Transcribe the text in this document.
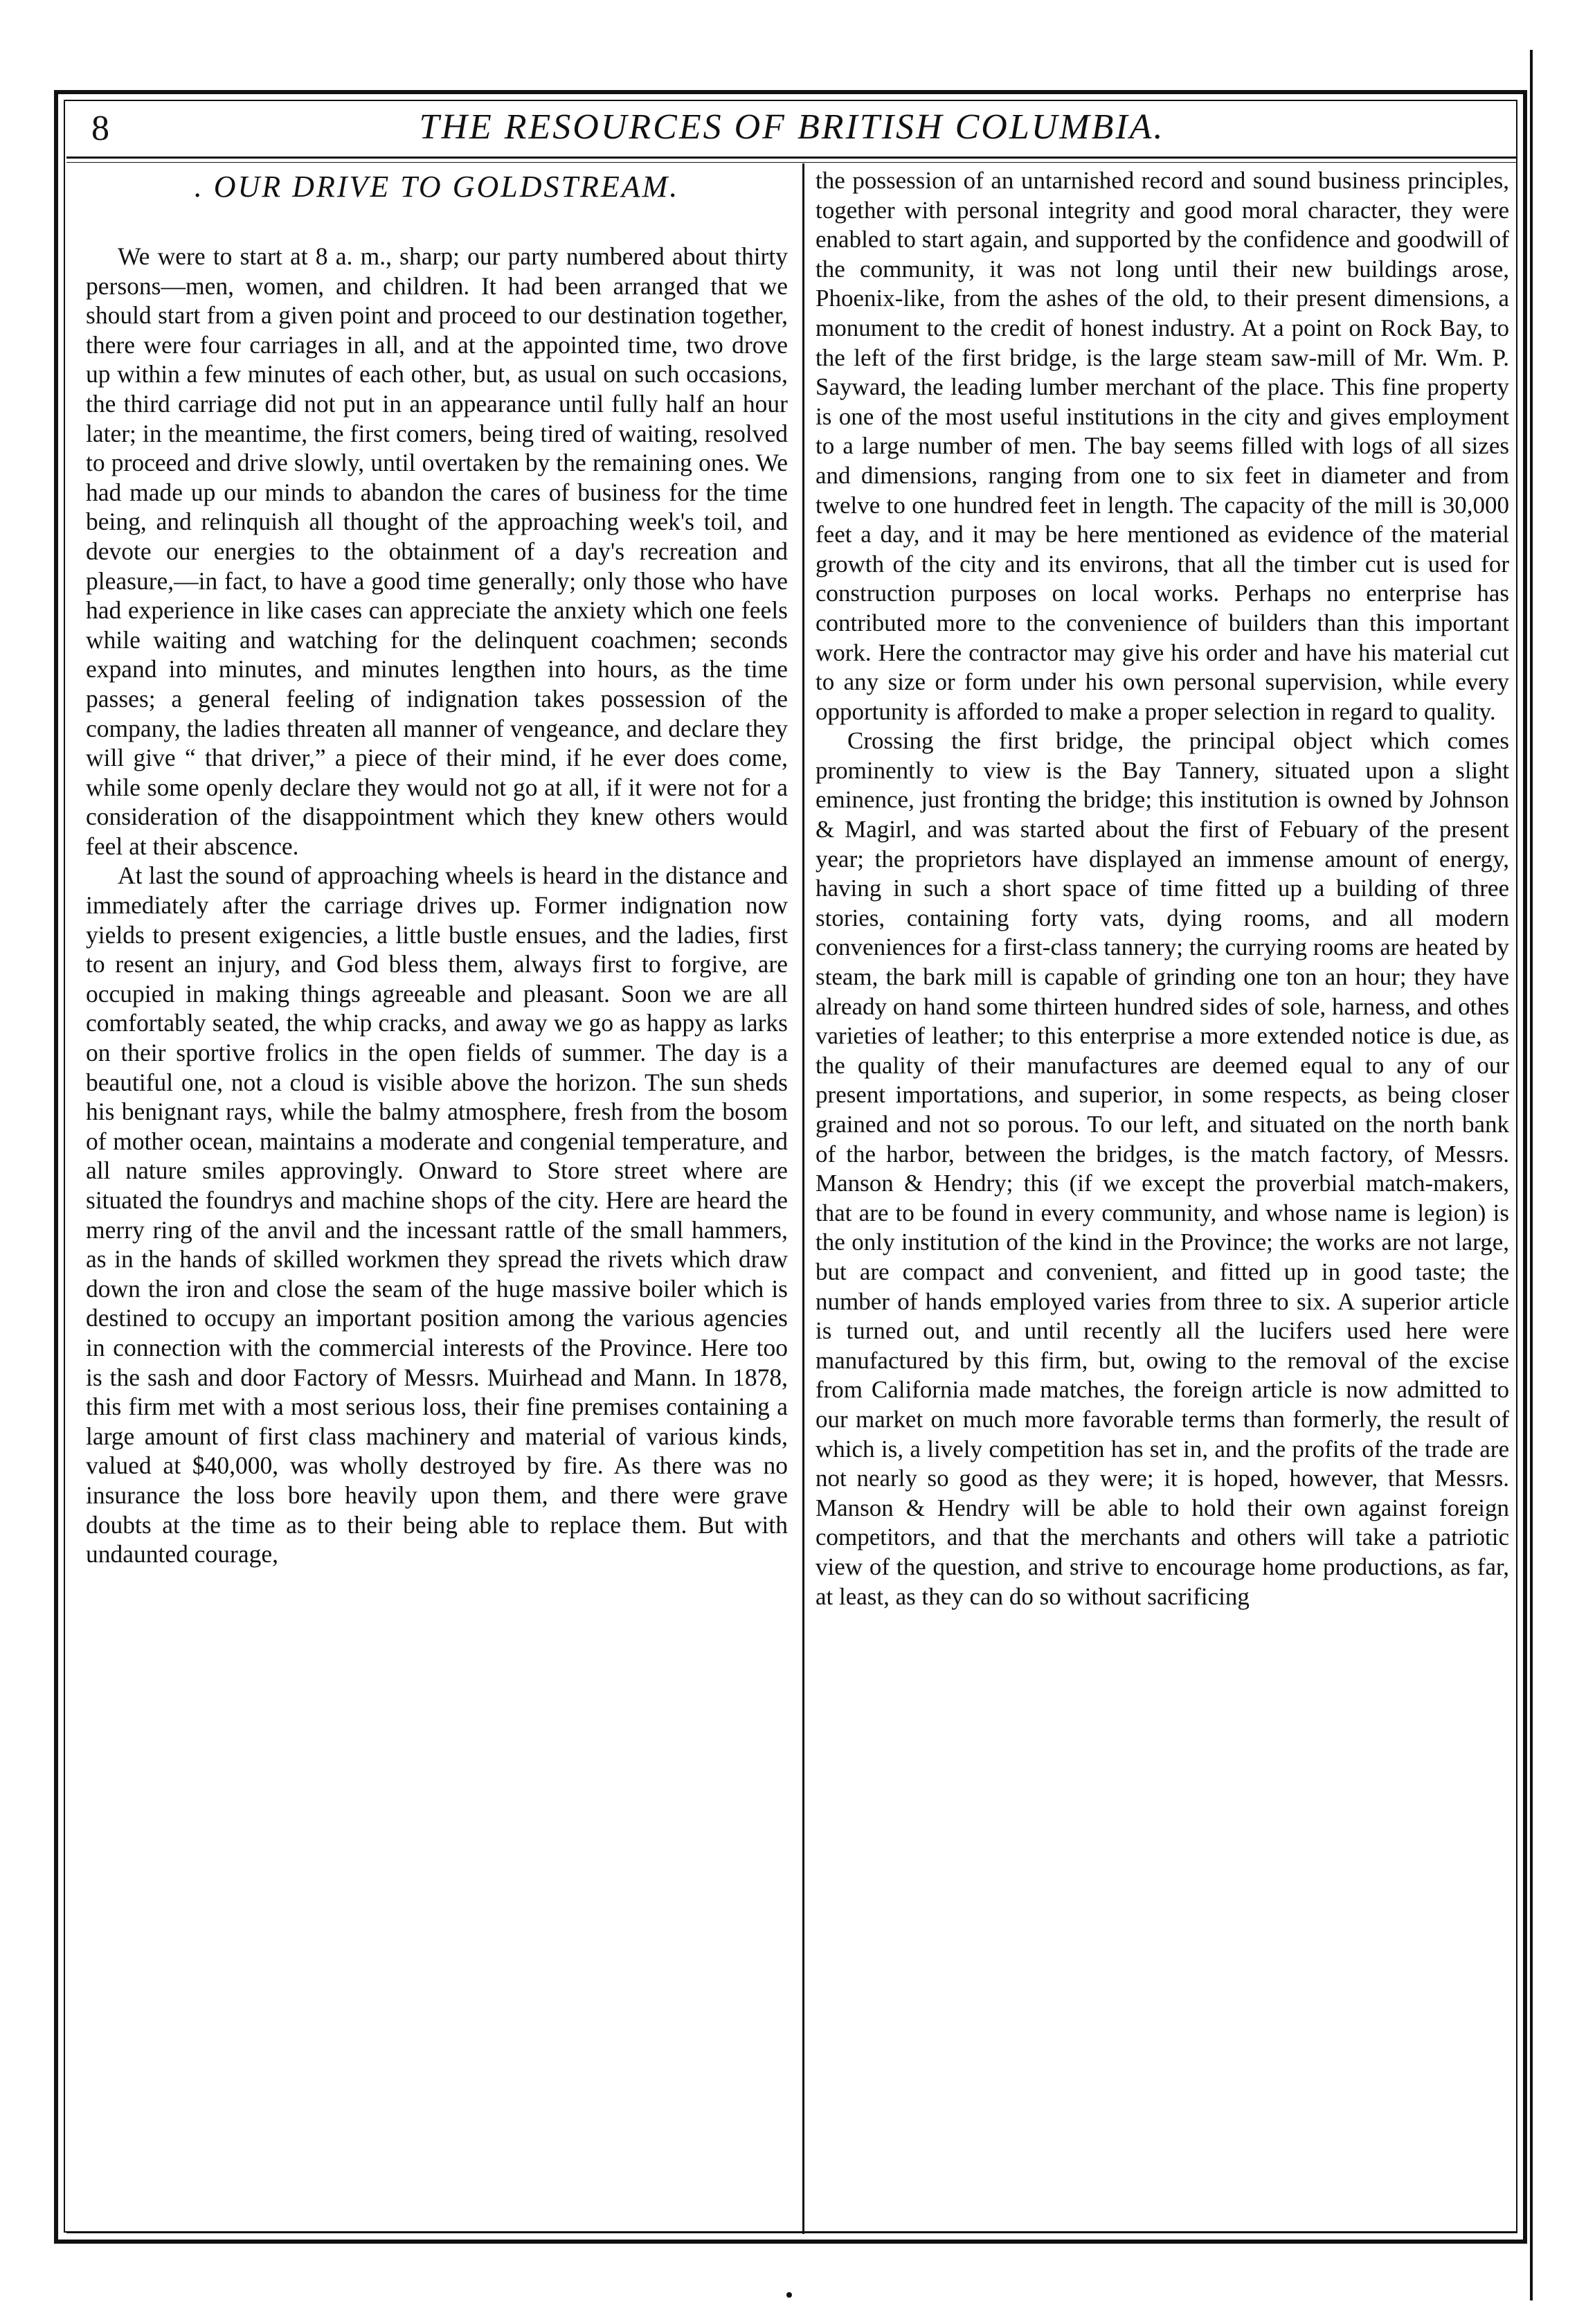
8	THE RESOURCES OF BRITISH COLUMBIA.
. OUR DRIVE TO GOLDSTREAM.

We were to start at 8 a. m., sharp; our party numbered about thirty persons—men, women, and children. It had been arranged that we should start from a given point and proceed to our destination together, there were four carriages in all, and at the appointed time, two drove up within a few minutes of each other, but, as usual on such occasions, the third carriage did not put in an appearance until fully half an hour later; in the meantime, the first comers, being tired of waiting, resolved to proceed and drive slowly, until overtaken by the remaining ones. We had made up our minds to abandon the cares of business for the time being, and relinquish all thought of the approaching week's toil, and devote our energies to the obtainment of a day's recreation and pleasure,—in fact, to have a good time generally; only those who have had experience in like cases can appreciate the anxiety which one feels while waiting and watching for the delinquent coachmen; seconds expand into minutes, and minutes lengthen into hours, as the time passes; a general feeling of indignation takes possession of the company, the ladies threaten all manner of vengeance, and declare they will give “ that driver,” a piece of their mind, if he ever does come, while some openly declare they would not go at all, if it were not for a consideration of the disappointment which they knew others would feel at their abscence.

At last the sound of approaching wheels is heard in the distance and immediately after the carriage drives up. Former indignation now yields to present exigencies, a little bustle ensues, and the ladies, first to resent an injury, and God bless them, always first to forgive, are occupied in making things agreeable and pleasant. Soon we are all comfortably seated, the whip cracks, and away we go as happy as larks on their sportive frolics in the open fields of summer. The day is a beautiful one, not a cloud is visible above the horizon. The sun sheds his benignant rays, while the balmy atmosphere, fresh from the bosom of mother ocean, maintains a moderate and congenial temperature, and all nature smiles approvingly. Onward to Store street where are situated the foundrys and machine shops of the city. Here are heard the merry ring of the anvil and the incessant rattle of the small hammers, as in the hands of skilled workmen they spread the rivets which draw down the iron and close the seam of the huge massive boiler which is destined to occupy an important position among the various agencies in connection with the commercial interests of the Province. Here too is the sash and door Factory of Messrs. Muirhead and Mann. In 1878, this firm met with a most serious loss, their fine premises containing a large amount of first class machinery and material of various kinds, valued at $40,000, was wholly destroyed by fire. As there was no insurance the loss bore heavily upon them, and there were grave doubts at the time as to their being able to replace them. But with undaunted courage,

the possession of an untarnished record and sound business principles, together with personal integrity and good moral character, they were enabled to start again, and supported by the confidence and goodwill of the community, it was not long until their new buildings arose, Phoenix-like, from the ashes of the old, to their present dimensions, a monument to the credit of honest industry. At a point on Rock Bay, to the left of the first bridge, is the large steam saw-mill of Mr. Wm. P. Sayward, the leading lumber merchant of the place. This fine property is one of the most useful institutions in the city and gives employment to a large number of men. The bay seems filled with logs of all sizes and dimensions, ranging from one to six feet in diameter and from twelve to one hundred feet in length. The capacity of the mill is 30,000 feet a day, and it may be here mentioned as evidence of the material growth of the city and its environs, that all the timber cut is used for construction purposes on local works. Perhaps no enterprise has contributed more to the convenience of builders than this important work. Here the contractor may give his order and have his material cut to any size or form under his own personal supervision, while every opportunity is afforded to make a proper selection in regard to quality.

Crossing the first bridge, the principal object which comes prominently to view is the Bay Tannery, situated upon a slight eminence, just fronting the bridge; this institution is owned by Johnson & Magirl, and was started about the first of Febuary of the present year; the proprietors have displayed an immense amount of energy, having in such a short space of time fitted up a building of three stories, containing forty vats, dying rooms, and all modern conveniences for a first-class tannery; the currying rooms are heated by steam, the bark mill is capable of grinding one ton an hour; they have already on hand some thirteen hundred sides of sole, harness, and othes varieties of leather; to this enterprise a more extended notice is due, as the quality of their manufactures are deemed equal to any of our present importations, and superior, in some respects, as being closer grained and not so porous. To our left, and situated on the north bank of the harbor, between the bridges, is the match factory, of Messrs. Manson & Hendry; this (if we except the proverbial match-makers, that are to be found in every community, and whose name is legion) is the only institution of the kind in the Province; the works are not large, but are compact and convenient, and fitted up in good taste; the number of hands employed varies from three to six. A superior article is turned out, and until recently all the lucifers used here were manufactured by this firm, but, owing to the removal of the excise from California made matches, the foreign article is now admitted to our market on much more favorable terms than formerly, the result of which is, a lively competition has set in, and the profits of the trade are not nearly so good as they were; it is hoped, however, that Messrs. Manson & Hendry will be able to hold their own against foreign competitors, and that the merchants and others will take a patriotic view of the question, and strive to encourage home productions, as far, at least, as they can do so without sacrificing
